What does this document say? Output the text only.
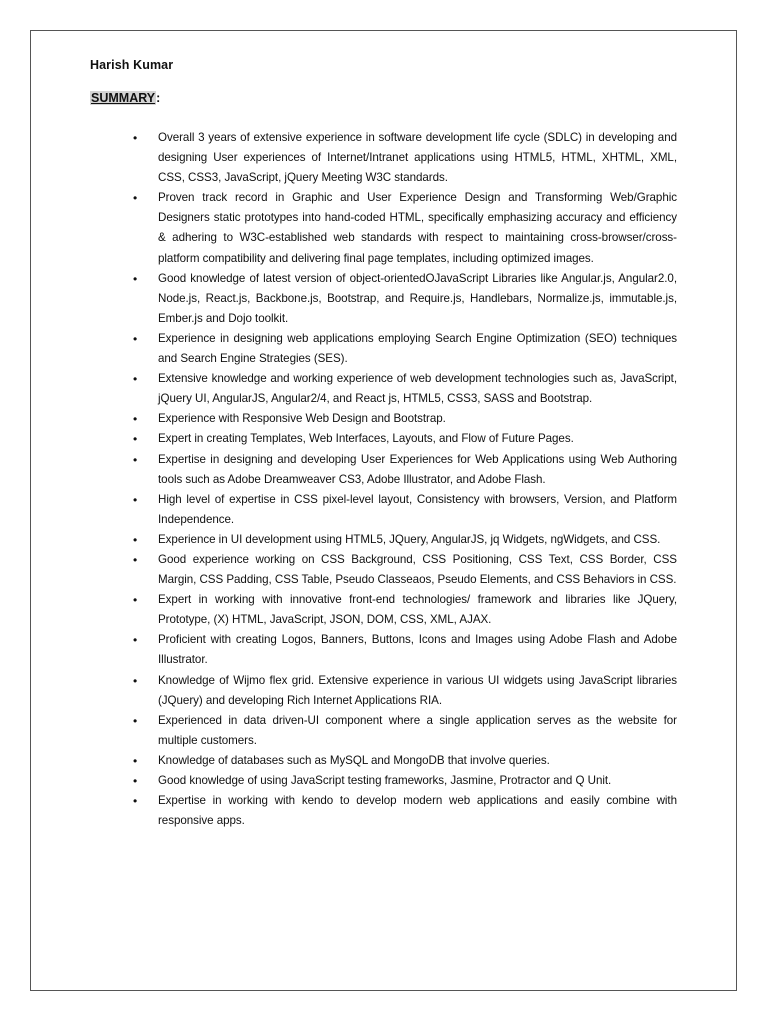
Harish Kumar
SUMMARY:
• Overall 3 years of extensive experience in software development life cycle (SDLC) in developing and designing User experiences of Internet/Intranet applications using HTML5, HTML, XHTML, XML, CSS, CSS3, JavaScript, jQuery Meeting W3C standards.
• Proven track record in Graphic and User Experience Design and Transforming Web/Graphic Designers static prototypes into hand-coded HTML, specifically emphasizing accuracy and efficiency & adhering to W3C-established web standards with respect to maintaining cross-browser/cross-platform compatibility and delivering final page templates, including optimized images.
• Good knowledge of latest version of object-orientedOJavaScript Libraries like Angular.js, Angular2.0, Node.js, React.js, Backbone.js, Bootstrap, and Require.js, Handlebars, Normalize.js, immutable.js, Ember.js and Dojo toolkit.
• Experience in designing web applications employing Search Engine Optimization (SEO) techniques and Search Engine Strategies (SES).
• Extensive knowledge and working experience of web development technologies such as, JavaScript, jQuery UI, AngularJS, Angular2/4, and React js, HTML5, CSS3, SASS and Bootstrap.
• Experience with Responsive Web Design and Bootstrap.
• Expert in creating Templates, Web Interfaces, Layouts, and Flow of Future Pages.
• Expertise in designing and developing User Experiences for Web Applications using Web Authoring tools such as Adobe Dreamweaver CS3, Adobe Illustrator, and Adobe Flash.
• High level of expertise in CSS pixel-level layout, Consistency with browsers, Version, and Platform Independence.
• Experience in UI development using HTML5, JQuery, AngularJS, jq Widgets, ngWidgets, and CSS.
• Good experience working on CSS Background, CSS Positioning, CSS Text, CSS Border, CSS Margin, CSS Padding, CSS Table, Pseudo Classeaos, Pseudo Elements, and CSS Behaviors in CSS.
• Expert in working with innovative front-end technologies/ framework and libraries like JQuery, Prototype, (X) HTML, JavaScript, JSON, DOM, CSS, XML, AJAX.
• Proficient with creating Logos, Banners, Buttons, Icons and Images using Adobe Flash and Adobe Illustrator.
• Knowledge of Wijmo flex grid. Extensive experience in various UI widgets using JavaScript libraries (JQuery) and developing Rich Internet Applications RIA.
• Experienced in data driven-UI component where a single application serves as the website for multiple customers.
• Knowledge of databases such as MySQL and MongoDB that involve queries.
• Good knowledge of using JavaScript testing frameworks, Jasmine, Protractor and Q Unit.
• Expertise in working with kendo to develop modern web applications and easily combine with responsive apps.
